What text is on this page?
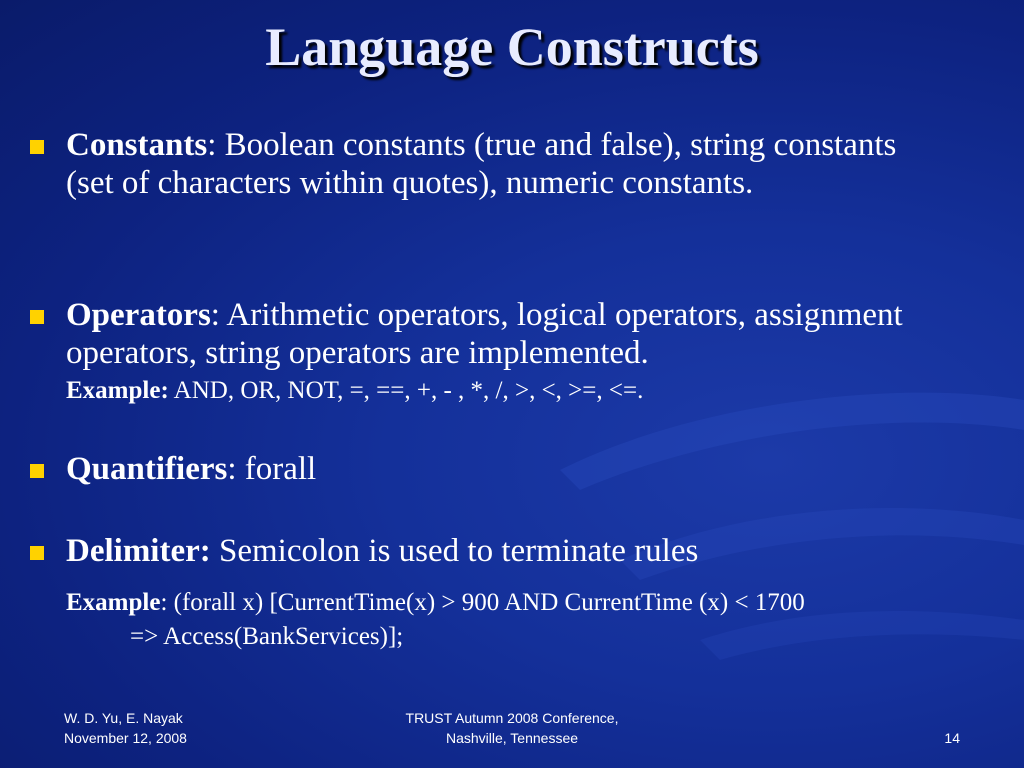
Language Constructs
Constants: Boolean constants (true and false), string constants (set of characters within quotes), numeric constants.
Operators: Arithmetic operators, logical operators, assignment operators, string operators are implemented.
Example: AND, OR, NOT, =, ==, +, - , *, /, >, <, >=, <=.
Quantifiers: forall
Delimiter: Semicolon is used to terminate rules
Example: (forall x) [CurrentTime(x) > 900 AND CurrentTime (x) < 1700
=> Access(BankServices)];
W. D. Yu, E. Nayak
November 12, 2008
TRUST Autumn 2008 Conference,
Nashville, Tennessee	14
